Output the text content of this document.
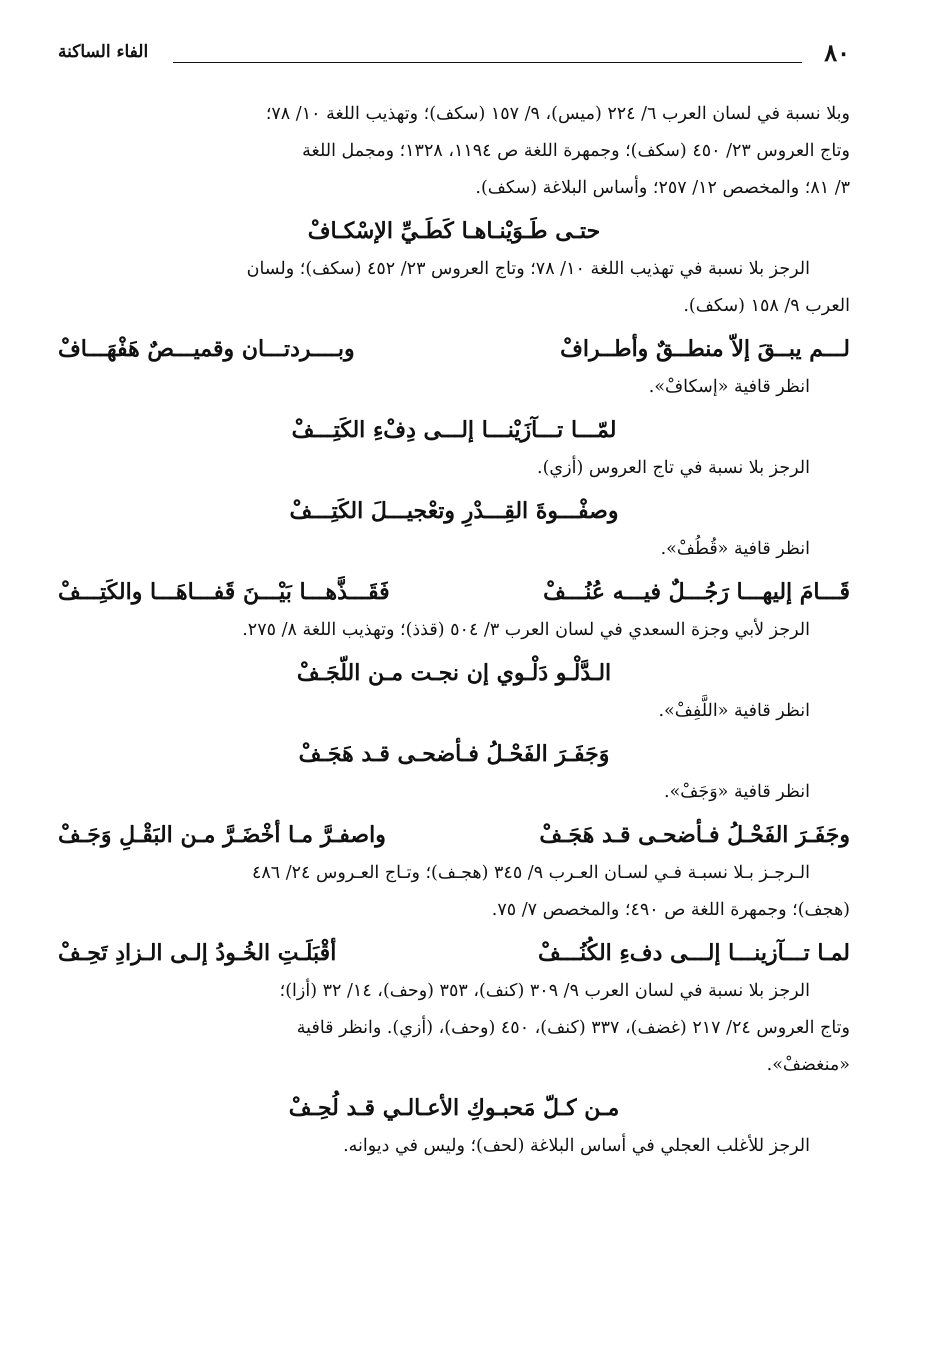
٨٠
الفاء الساكنة
وبلا نسبة في لسان العرب ٦/ ٢٢٤ (ميس)، ٩/ ١٥٧ (سكف)؛ وتهذيب اللغة ١٠/ ٧٨؛
وتاج العروس ٢٣/ ٤٥٠ (سكف)؛ وجمهرة اللغة ص ١١٩٤، ١٣٢٨؛ ومجمل اللغة
٣/ ٨١؛ والمخصص ١٢/ ٢٥٧؛ وأساس البلاغة (سكف).
حتـى طَـوَيْنـاهـا كَطَـيِّ الإسْكـافْ
الرجز بلا نسبة في تهذيب اللغة ١٠/ ٧٨؛ وتاج العروس ٢٣/ ٤٥٢ (سكف)؛ ولسان
العرب ٩/ ١٥٨ (سكف).
لـــم يبــقَ إلاّ منطــقٌ وأطــرافْ
وبــــردتـــان وقميـــصٌ هَفْهَـــافْ
انظر قافية «إسكافْ».
لمّـــا تـــآزَيْنـــا إلـــى دِفْءِ الكَتِـــفْ
الرجز بلا نسبة في تاج العروس (أزي).
وصفْـــوةَ القِـــدْرِ وتعْجيـــلَ الكَتِـــفْ
انظر قافية «قُطُفْ».
قَـــامَ إليهـــا رَجُـــلٌ فيـــه عُنُـــفْ
فَقَـــذَّهـــا بَيْـــنَ قَفـــاهَـــا والكَتِـــفْ
الرجز لأبي وجزة السعدي في لسان العرب ٣/ ٥٠٤ (قذذ)؛ وتهذيب اللغة ٨/ ٢٧٥.
الـدَّلْـو دَلْـوي إن نجـت مـن اللّجَـفْ
انظر قافية «اللَّفِفْ».
وَجَفَـرَ الفَحْـلُ فـأضحـى قـد هَجَـفْ
انظر قافية «وَجَفْ».
وجَفَـرَ الفَحْـلُ فـأضحـى قـد هَجَـفْ
واصفـرَّ مـا أخْضَـرَّ مـن البَقْـلِ وَجَـفْ
الـرجـز بـلا نسبـة فـي لسـان العـرب ٩/ ٣٤٥ (هجـف)؛ وتـاج العـروس ٢٤/ ٤٨٦
(هجف)؛ وجمهرة اللغة ص ٤٩٠؛ والمخصص ٧/ ٧٥.
لمـا تـــآزينـــا إلـــى دفءِ الكُنُـــفْ
أقْبَلَـتِ الخُـودُ إلـى الـزادِ تَحِـفْ
الرجز بلا نسبة في لسان العرب ٩/ ٣٠٩ (كنف)، ٣٥٣ (وحف)، ١٤/ ٣٢ (أزا)؛
وتاج العروس ٢٤/ ٢١٧ (غضف)، ٣٣٧ (كنف)، ٤٥٠ (وحف)، (أزي). وانظر قافية
«منغضفْ».
مـن كـلّ مَحبـوكِ الأعـالـي قـد لُحِـفْ
الرجز للأغلب العجلي في أساس البلاغة (لحف)؛ وليس في ديوانه.
